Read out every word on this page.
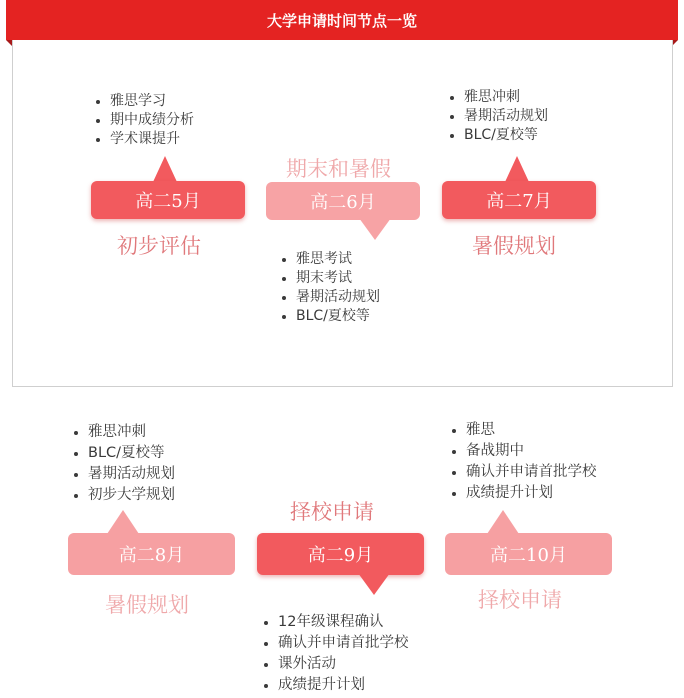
大学申请时间节点一览
雅思学习
期中成绩分析
学术课提升
高二5月
初步评估
期末和暑假
高二6月
雅思考试
期末考试
暑期活动规划
BLC/夏校等
雅思冲刺
暑期活动规划
BLC/夏校等
高二7月
暑假规划
雅思冲刺
BLC/夏校等
暑期活动规划
初步大学规划
高二8月
暑假规划
择校申请
高二9月
12年级课程确认
确认并申请首批学校
课外活动
成绩提升计划
雅思
备战期中
确认并申请首批学校
成绩提升计划
高二10月
择校申请
